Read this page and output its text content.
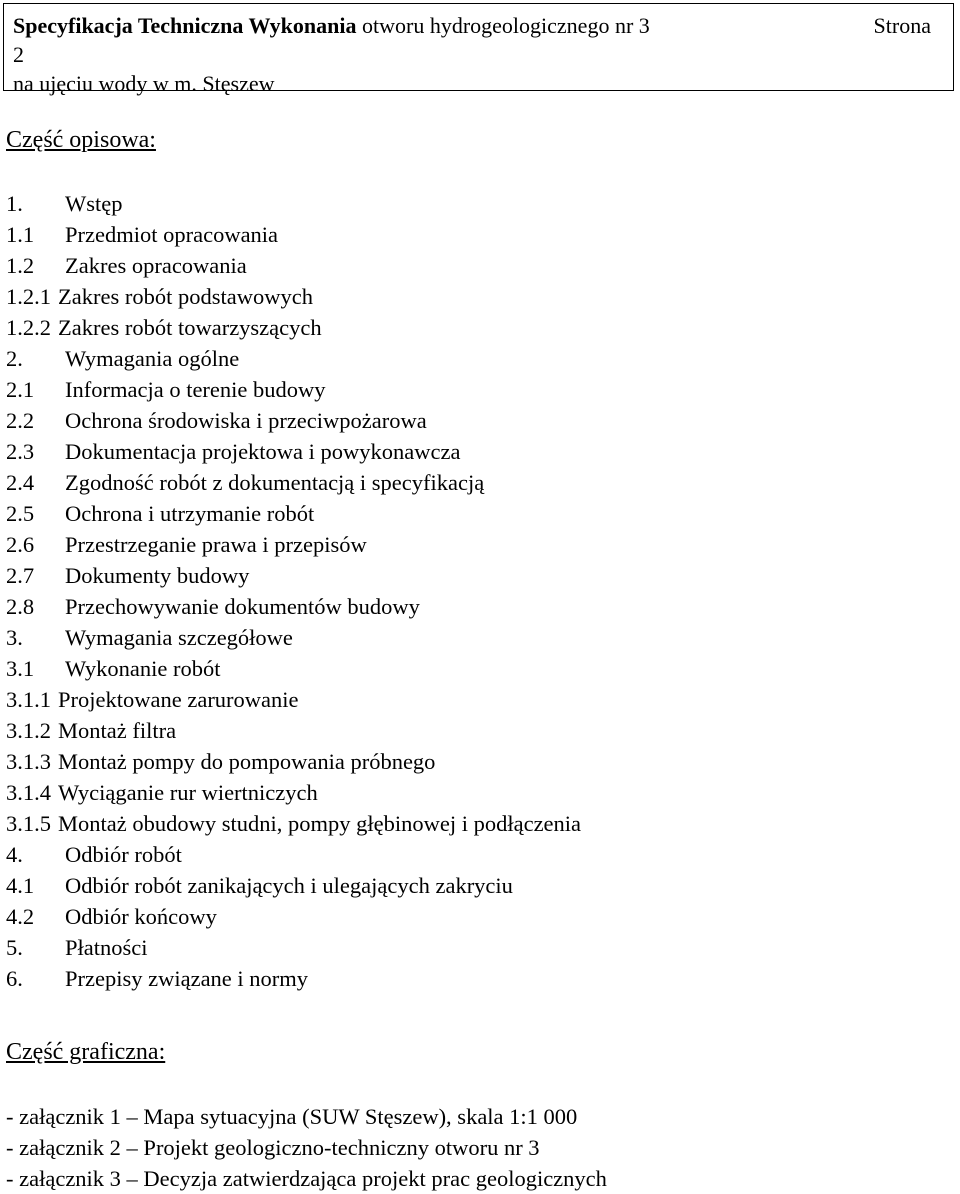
Specyfikacja Techniczna Wykonania otworu hydrogeologicznego nr 3	Strona
2
na ujęciu wody w m. Stęszew
Część opisowa:
1.	Wstęp
1.1	Przedmiot opracowania
1.2	Zakres opracowania
1.2.1 Zakres robót podstawowych
1.2.2 Zakres robót towarzyszących
2.	Wymagania ogólne
2.1	Informacja o terenie budowy
2.2	Ochrona środowiska i przeciwpożarowa
2.3	Dokumentacja projektowa i powykonawcza
2.4	Zgodność robót z dokumentacją i specyfikacją
2.5	Ochrona i utrzymanie robót
2.6	Przestrzeganie prawa i przepisów
2.7	Dokumenty budowy
2.8	Przechowywanie dokumentów budowy
3.	Wymagania szczegółowe
3.1	Wykonanie robót
3.1.1 Projektowane zarurowanie
3.1.2 Montaż filtra
3.1.3 Montaż pompy do pompowania próbnego
3.1.4 Wyciąganie rur wiertniczych
3.1.5 Montaż obudowy studni, pompy głębinowej i podłączenia
4.	Odbiór robót
4.1	Odbiór robót zanikających i ulegających zakryciu
4.2	Odbiór końcowy
5.	Płatności
6.	Przepisy związane i normy
Część graficzna:
- załącznik 1 – Mapa sytuacyjna (SUW Stęszew), skala 1:1 000
- załącznik 2 – Projekt geologiczno-techniczny otworu nr 3
- załącznik 3 – Decyzja zatwierdzająca projekt prac geologicznych
